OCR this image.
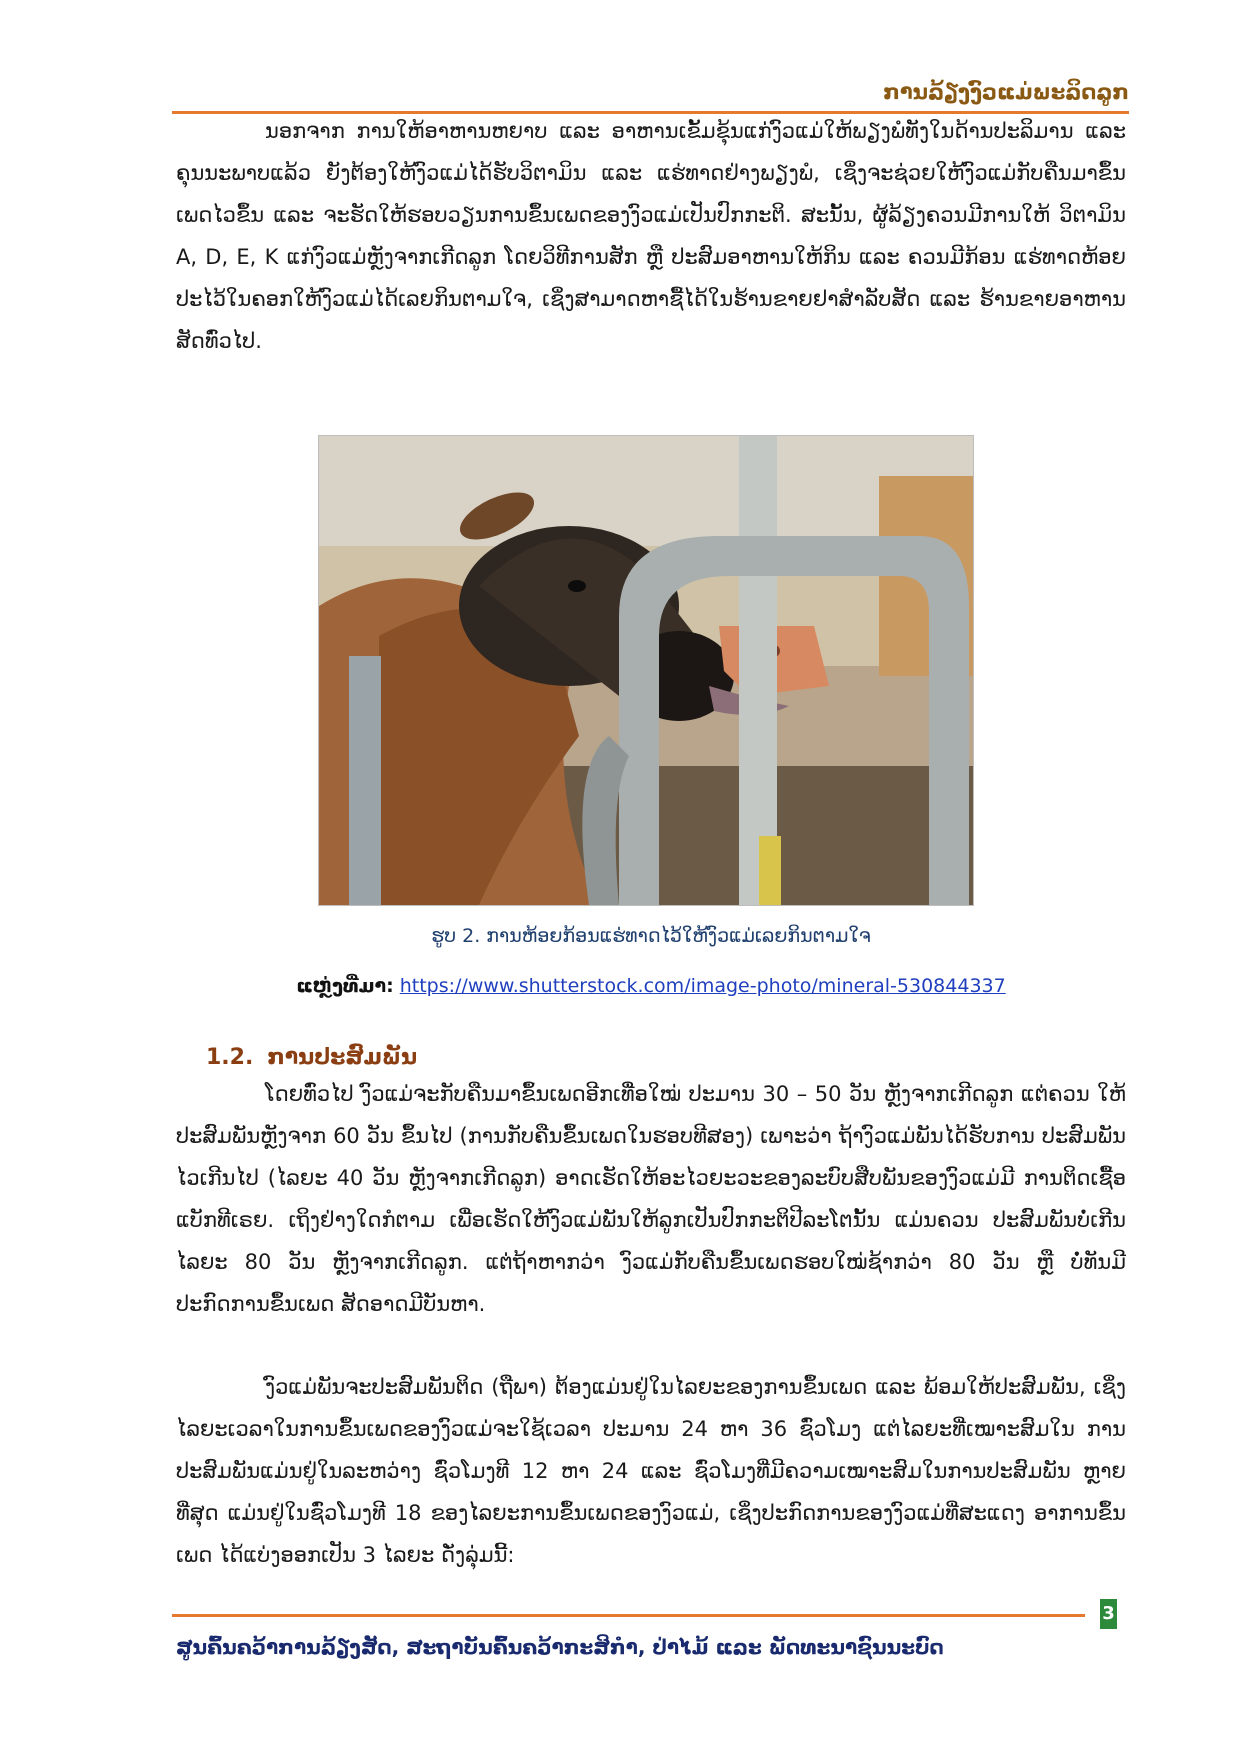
ການລ້ຽງງົວແມ່ພະລິດລູກ

ນອກຈາກ ການໃຫ້ອາຫານຫຍາບ ແລະ ອາຫານເຂັ້ມຂຸ້ນແກ່ງົວແມ່ໃຫ້ພຽງພໍທັງໃນດ້ານປະລິມານ ແລະ ຄຸນນະພາບແລ້ວ ຍັງຕ້ອງໃຫ້ງົວແມ່ໄດ້ຮັບວິຕາມິນ ແລະ ແຮ່ທາດຢ່າງພຽງພໍ, ເຊິ່ງຈະຊ່ວຍໃຫ້ງົວແມ່ກັບຄືນມາຂຶ້ນ ເພດໄວຂຶ້ນ ແລະ ຈະຮັດໃຫ້ຮອບວຽນການຂຶ້ນເພດຂອງງົວແມ່ເປັນປົກກະຕິ. ສະນັ້ນ, ຜູ້ລ້ຽງຄວນມີການໃຫ້ ວິຕາມິນ A, D, E, K ແກ່ງົວແມ່ຫຼັງຈາກເກີດລູກ ໂດຍວິທີການສັກ ຫຼື ປະສົມອາຫານໃຫ້ກິນ ແລະ ຄວນມີກ້ອນ ແຮ່ທາດຫ້ອຍປະໄວ້ໃນຄອກໃຫ້ງົວແມ່ໄດ້ເລຍກິນຕາມໃຈ, ເຊິ່ງສາມາດຫາຊື້ໄດ້ໃນຮ້ານຂາຍຢາສຳລັບສັດ ແລະ ຮ້ານຂາຍອາຫານສັດທົ່ວໄປ.

ຮູບ 2. ການຫ້ອຍກ້ອນແຮ່ທາດໄວ້ໃຫ້ງົວແມ່ເລຍກິນຕາມໃຈ
ແຫຼ່ງທີ່ມາ: https://www.shutterstock.com/image-photo/mineral-530844337
1.2. ການປະສົມພັນ

ໂດຍທົ່ວໄປ ງົວແມ່ຈະກັບຄືນມາຂຶ້ນເພດອີກເທື່ອໃໝ່ ປະມານ 30 – 50 ວັນ ຫຼັງຈາກເກີດລູກ ແຕ່ຄວນ ໃຫ້ປະສົມພັນຫຼັງຈາກ 60 ວັນ ຂຶ້ນໄປ (ການກັບຄືນຂຶ້ນເພດໃນຮອບທີສອງ) ເພາະວ່າ ຖ້າງົວແມ່ພັນໄດ້ຮັບການ ປະສົມພັນໄວເກີນໄປ (ໄລຍະ 40 ວັນ ຫຼັງຈາກເກີດລູກ) ອາດເຮັດໃຫ້ອະໄວຍະວະຂອງລະບົບສືບພັນຂອງງົວແມ່ມີ ການຕິດເຊື້ອແບັກທີເຣຍ. ເຖິງຢ່າງໃດກໍຕາມ ເພື່ອເຮັດໃຫ້ງົວແມ່ພັນໃຫ້ລູກເປັນປົກກະຕິປີລະໂຕນັ້ນ ແມ່ນຄວນ ປະສົມພັນບໍ່ເກີນໄລຍະ 80 ວັນ ຫຼັງຈາກເກີດລູກ. ແຕ່ຖ້າຫາກວ່າ ງົວແມ່ກັບຄືນຂຶ້ນເພດຮອບໃໝ່ຊ້າກວ່າ 80 ວັນ ຫຼື ບໍ່ທັນມີປະກົດການຂຶ້ນເພດ ສັດອາດມີບັນຫາ.

ງົວແມ່ພັນຈະປະສົມພັນຕິດ (ຖືພາ) ຕ້ອງແມ່ນຢູ່ໃນໄລຍະຂອງການຂຶ້ນເພດ ແລະ ພ້ອມໃຫ້ປະສົມພັນ, ເຊິ່ງໄລຍະເວລາໃນການຂຶ້ນເພດຂອງງົວແມ່ຈະໃຊ້ເວລາ ປະມານ 24 ຫາ 36 ຊົ່ວໂມງ ແຕ່ໄລຍະທີ່ເໝາະສົມໃນ ການປະສົມພັນແມ່ນຢູ່ໃນລະຫວ່າງ ຊົ່ວໂມງທີ 12 ຫາ 24 ແລະ ຊົ່ວໂມງທີ່ມີຄວາມເໝາະສົມໃນການປະສົມພັນ ຫຼາຍທີ່ສຸດ ແມ່ນຢູ່ໃນຊົ່ວໂມງທີ 18 ຂອງໄລຍະການຂຶ້ນເພດຂອງງົວແມ່, ເຊິ່ງປະກົດການຂອງງົວແມ່ທີ່ສະແດງ ອາການຂຶ້ນເພດ ໄດ້ແບ່ງອອກເປັນ 3 ໄລຍະ ດັ່ງລຸ່ມນີ້:

3
ສູນຄົ້ນຄວ້າການລ້ຽງສັດ, ສະຖາບັນຄົ້ນຄວ້າກະສິກຳ, ປ່າໄມ້ ແລະ ພັດທະນາຊົນນະບົດ
